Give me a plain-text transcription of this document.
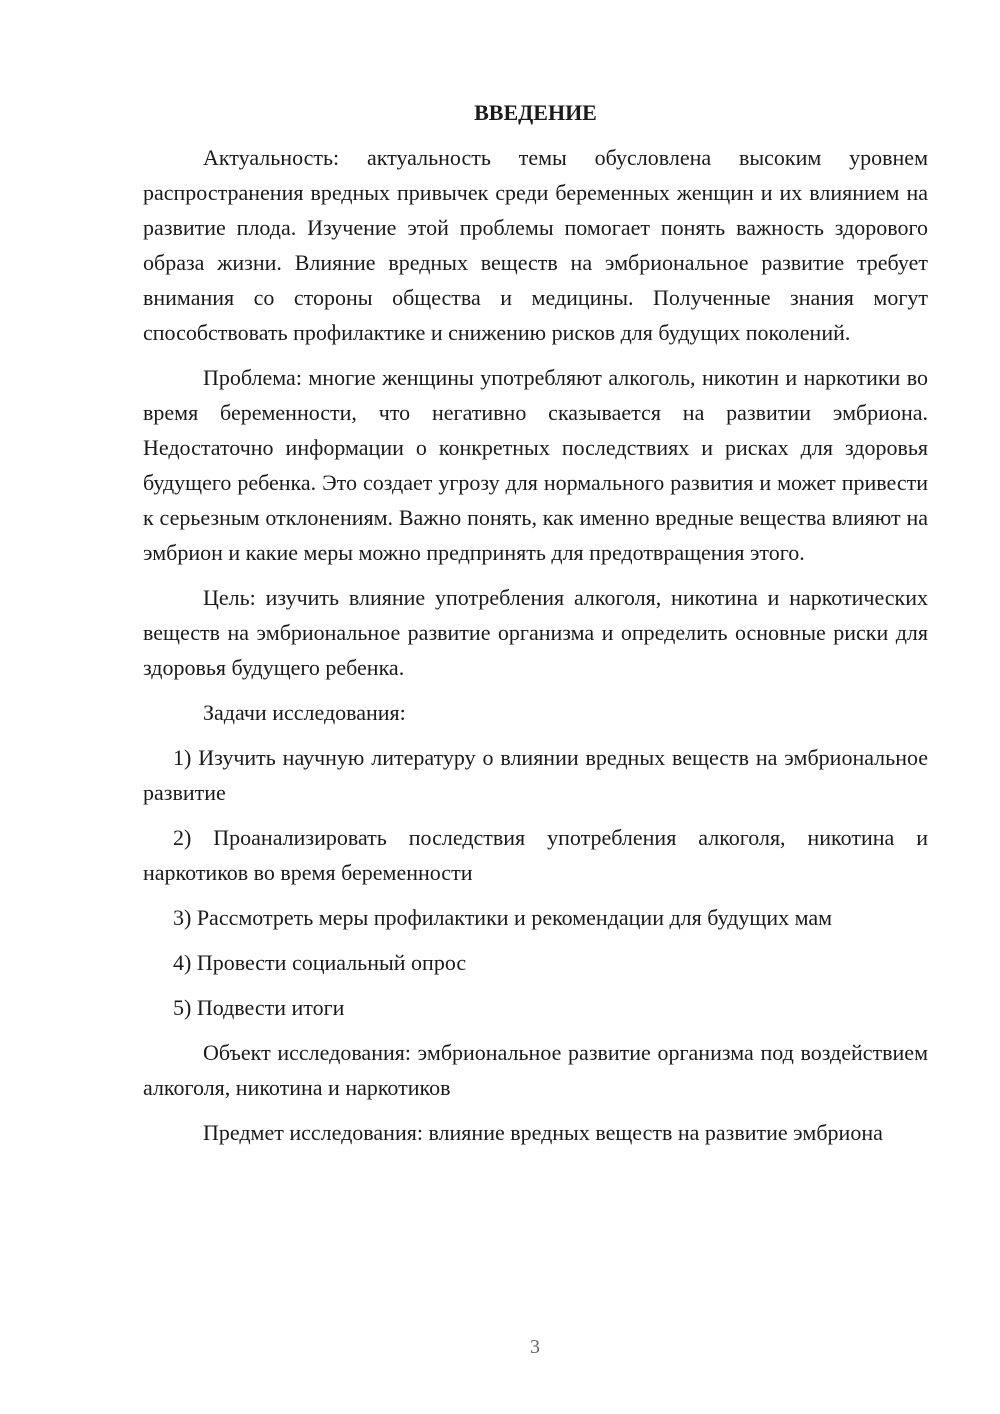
ВВЕДЕНИЕ

Актуальность: актуальность темы обусловлена высоким уровнем распространения вредных привычек среди беременных женщин и их влиянием на развитие плода. Изучение этой проблемы помогает понять важность здорового образа жизни. Влияние вредных веществ на эмбриональное развитие требует внимания со стороны общества и медицины. Полученные знания могут способствовать профилактике и снижению рисков для будущих поколений.

Проблема: многие женщины употребляют алкоголь, никотин и наркотики во время беременности, что негативно сказывается на развитии эмбриона. Недостаточно информации о конкретных последствиях и рисках для здоровья будущего ребенка. Это создает угрозу для нормального развития и может привести к серьезным отклонениям. Важно понять, как именно вредные вещества влияют на эмбрион и какие меры можно предпринять для предотвращения этого.

Цель: изучить влияние употребления алкоголя, никотина и наркотических веществ на эмбриональное развитие организма и определить основные риски для здоровья будущего ребенка.

Задачи исследования:

1) Изучить научную литературу о влиянии вредных веществ на эмбриональное развитие

2) Проанализировать последствия употребления алкоголя, никотина и наркотиков во время беременности

3) Рассмотреть меры профилактики и рекомендации для будущих мам

4) Провести социальный опрос

5) Подвести итоги

Объект исследования: эмбриональное развитие организма под воздействием алкоголя, никотина и наркотиков

Предмет исследования: влияние вредных веществ на развитие эмбриона

3
